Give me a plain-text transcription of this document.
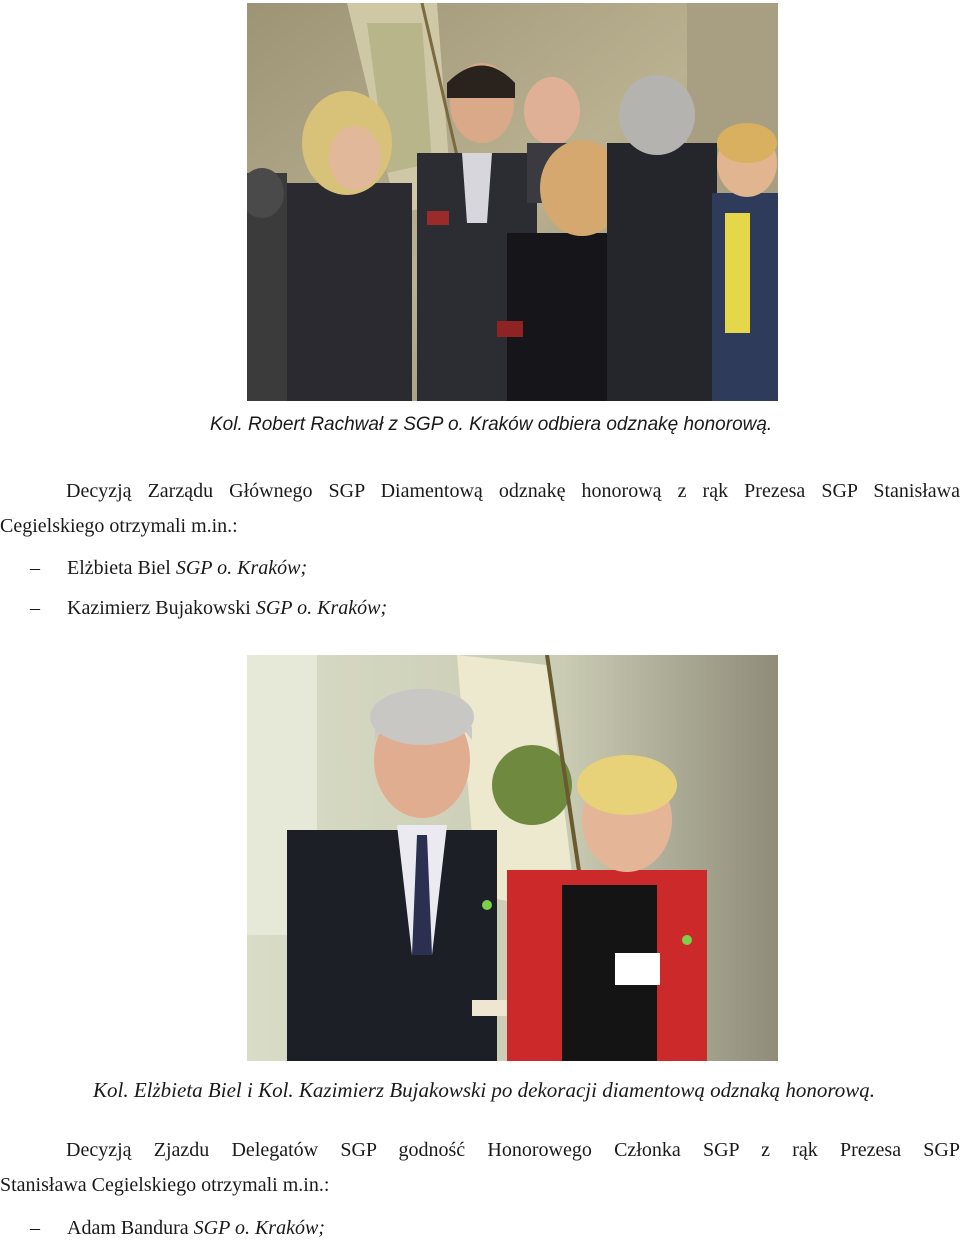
Kol. Robert Rachwał z SGP o. Kraków odbiera odznakę honorową.
Decyzją Zarządu Głównego SGP Diamentową odznakę honorową z rąk Prezesa SGP Stanisława
Cegielskiego otrzymali m.in.:
– Elżbieta Biel SGP o. Kraków;
– Kazimierz Bujakowski SGP o. Kraków;
Kol. Elżbieta Biel i Kol. Kazimierz Bujakowski po dekoracji diamentową odznaką honorową.
Decyzją Zjazdu Delegatów SGP godność Honorowego Członka SGP z rąk Prezesa SGP
Stanisława Cegielskiego otrzymali m.in.:
– Adam Bandura SGP o. Kraków;
